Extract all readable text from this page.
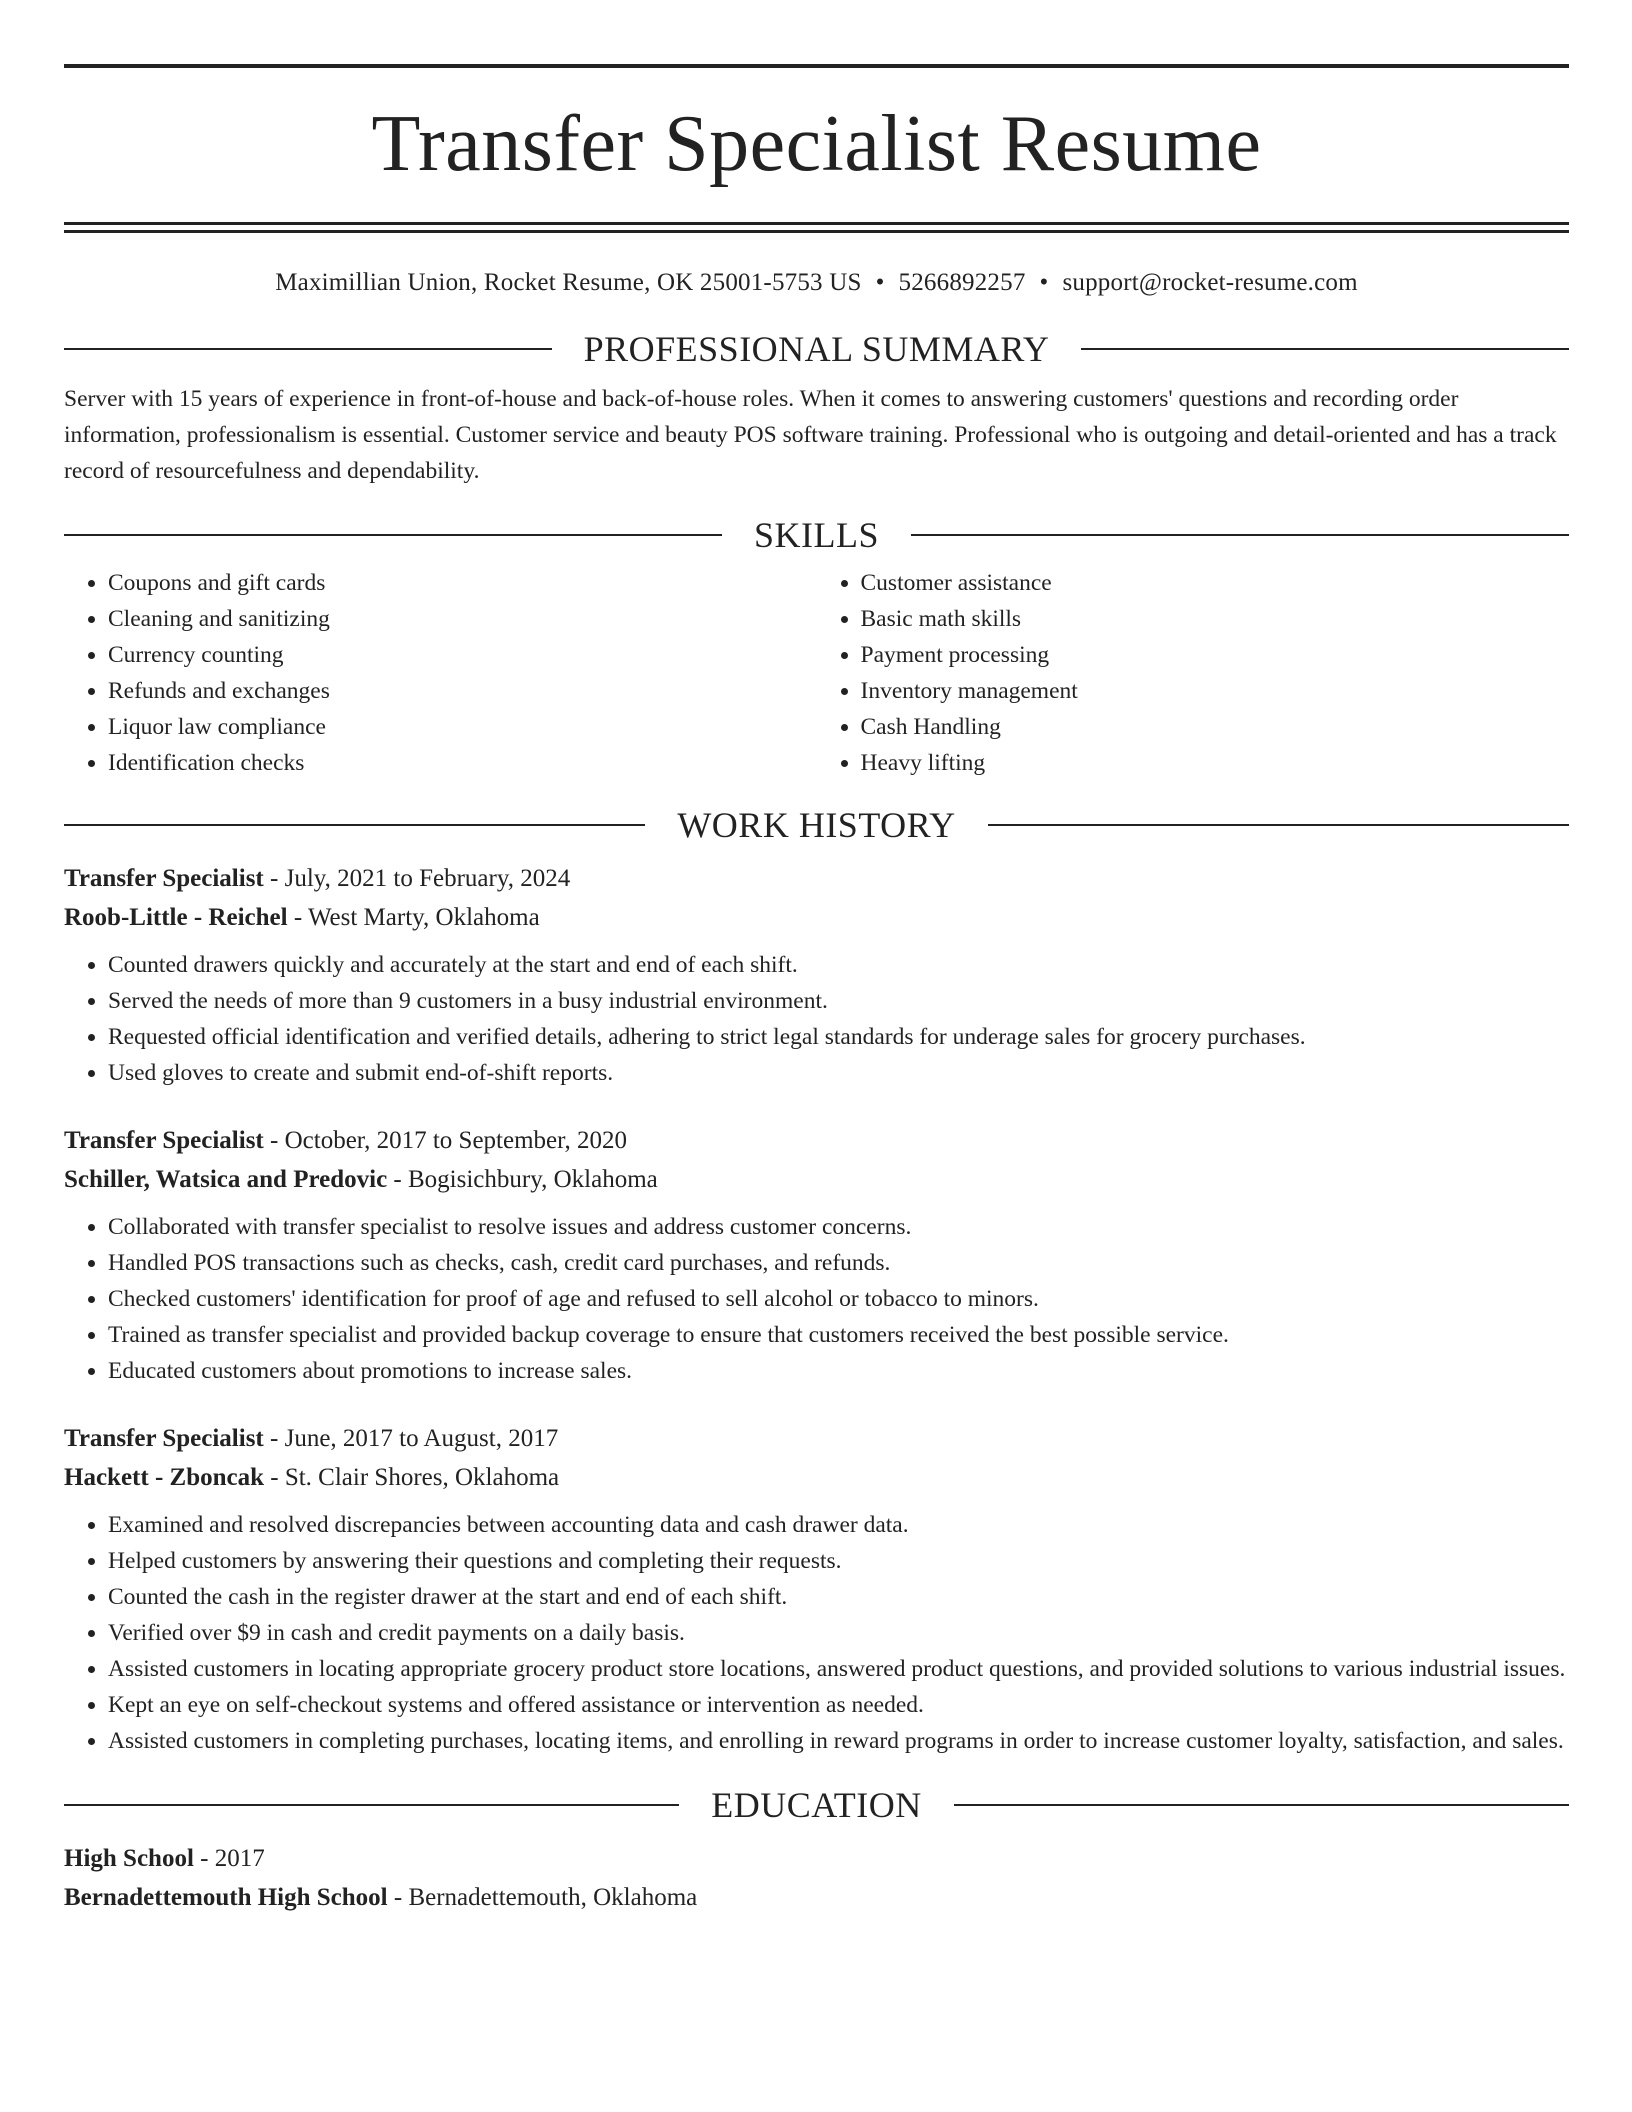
Transfer Specialist Resume
Maximillian Union, Rocket Resume, OK 25001-5753 US • 5266892257 • support@rocket-resume.com
PROFESSIONAL SUMMARY
Server with 15 years of experience in front-of-house and back-of-house roles. When it comes to answering customers' questions and recording order information, professionalism is essential. Customer service and beauty POS software training. Professional who is outgoing and detail-oriented and has a track record of resourcefulness and dependability.
SKILLS
• Coupons and gift cards
• Cleaning and sanitizing
• Currency counting
• Refunds and exchanges
• Liquor law compliance
• Identification checks
• Customer assistance
• Basic math skills
• Payment processing
• Inventory management
• Cash Handling
• Heavy lifting
WORK HISTORY
Transfer Specialist - July, 2021 to February, 2024
Roob-Little - Reichel - West Marty, Oklahoma
• Counted drawers quickly and accurately at the start and end of each shift.
• Served the needs of more than 9 customers in a busy industrial environment.
• Requested official identification and verified details, adhering to strict legal standards for underage sales for grocery purchases.
• Used gloves to create and submit end-of-shift reports.
Transfer Specialist - October, 2017 to September, 2020
Schiller, Watsica and Predovic - Bogisichbury, Oklahoma
• Collaborated with transfer specialist to resolve issues and address customer concerns.
• Handled POS transactions such as checks, cash, credit card purchases, and refunds.
• Checked customers' identification for proof of age and refused to sell alcohol or tobacco to minors.
• Trained as transfer specialist and provided backup coverage to ensure that customers received the best possible service.
• Educated customers about promotions to increase sales.
Transfer Specialist - June, 2017 to August, 2017
Hackett - Zboncak - St. Clair Shores, Oklahoma
• Examined and resolved discrepancies between accounting data and cash drawer data.
• Helped customers by answering their questions and completing their requests.
• Counted the cash in the register drawer at the start and end of each shift.
• Verified over $9 in cash and credit payments on a daily basis.
• Assisted customers in locating appropriate grocery product store locations, answered product questions, and provided solutions to various industrial issues.
• Kept an eye on self-checkout systems and offered assistance or intervention as needed.
• Assisted customers in completing purchases, locating items, and enrolling in reward programs in order to increase customer loyalty, satisfaction, and sales.
EDUCATION
High School - 2017
Bernadettemouth High School - Bernadettemouth, Oklahoma
